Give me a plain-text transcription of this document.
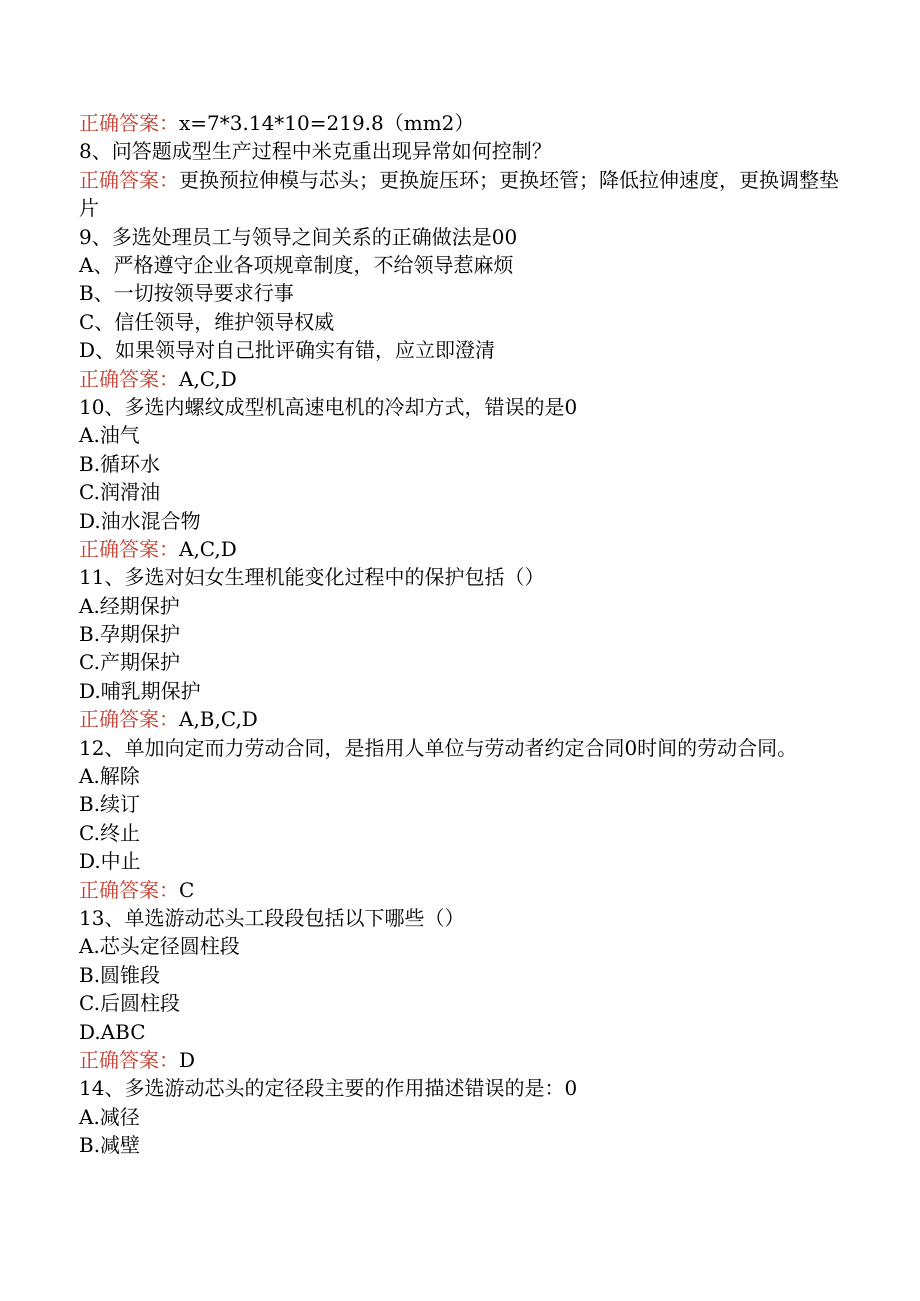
正确答案：x=7*3.14*10=219.8（mm2）
8、问答题成型生产过程中米克重出现异常如何控制？
正确答案：更换预拉伸模与芯头；更换旋压环；更换坯管；降低拉伸速度，更换调整垫片
9、多选处理员工与领导之间关系的正确做法是00
A、严格遵守企业各项规章制度，不给领导惹麻烦
B、一切按领导要求行事
C、信任领导，维护领导权威
D、如果领导对自己批评确实有错，应立即澄清
正确答案：A,C,D
10、多选内螺纹成型机高速电机的冷却方式，错误的是0
A.油气
B.循环水
C.润滑油
D.油水混合物
正确答案：A,C,D
11、多选对妇女生理机能变化过程中的保护包括（）
A.经期保护
B.孕期保护
C.产期保护
D.哺乳期保护
正确答案：A,B,C,D
12、单加向定而力劳动合同，是指用人单位与劳动者约定合同0时间的劳动合同。
A.解除
B.续订
C.终止
D.中止
正确答案：C
13、单选游动芯头工段段包括以下哪些（）
A.芯头定径圆柱段
B.圆锥段
C.后圆柱段
D.ABC
正确答案：D
14、多选游动芯头的定径段主要的作用描述错误的是：0
A.减径
B.减壁
